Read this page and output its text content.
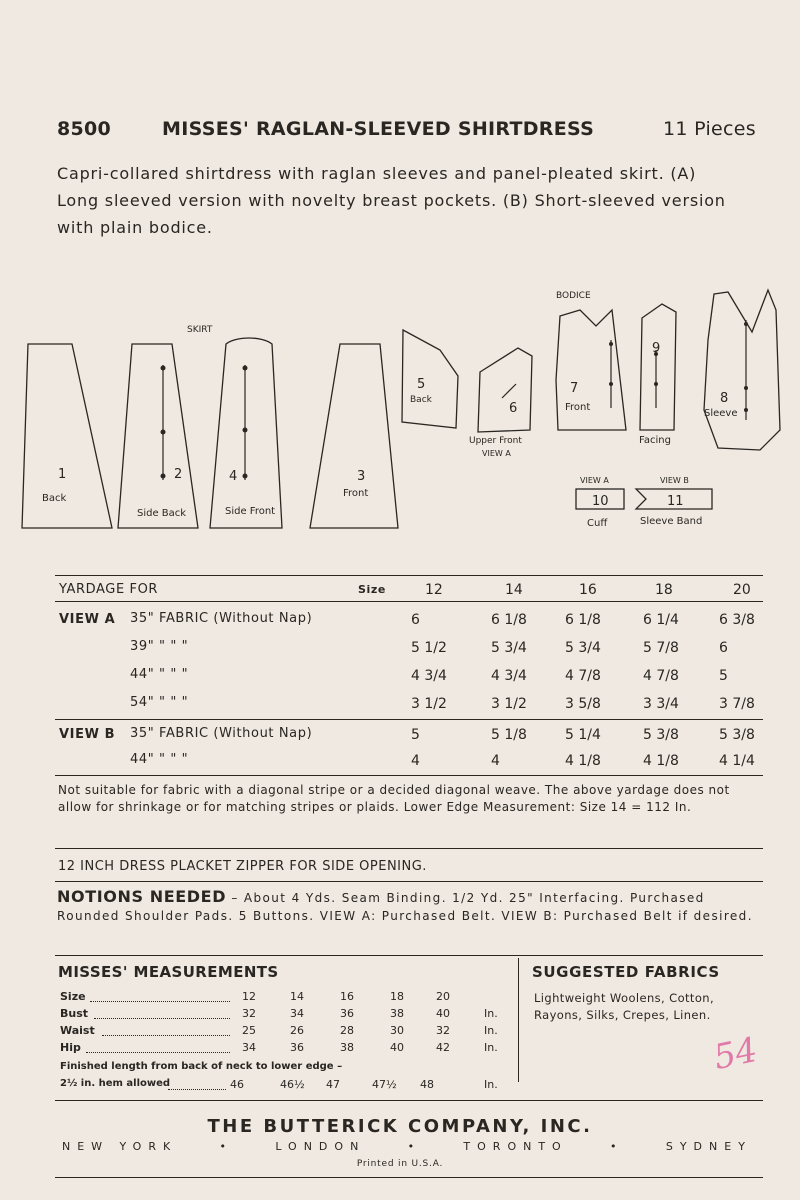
8500	MISSES' RAGLAN-SLEEVED SHIRTDRESS	11 Pieces
Capri-collared shirtdress with raglan sleeves and panel-pleated skirt. (A)
Long sleeved version with novelty breast pockets. (B) Short-sleeved version
with plain bodice.
SKIRT
BODICE
1
Back
2
Side Back
4
Side Front
3
Front
5
Back
6
Upper Front
VIEW A
7
Front
9
Facing
8
Sleeve
VIEW A
10
Cuff
VIEW B
11
Sleeve Band
YARDAGE FOR	Size	12	14	16	18	20
VIEW A 35" FABRIC (Without Nap)	6	6 1/8	6 1/8	6 1/4	6 3/8
39" " " "	5 1/2	5 3/4	5 3/4	5 7/8	6
44" " " "	4 3/4	4 3/4	4 7/8	4 7/8	5
54" " " "	3 1/2	3 1/2	3 5/8	3 3/4	3 7/8
VIEW B 35" FABRIC (Without Nap)	5	5 1/8	5 1/4	5 3/8	5 3/8
44" " " "	4	4	4 1/8	4 1/8	4 1/4
Not suitable for fabric with a diagonal stripe or a decided diagonal weave. The above yardage does not allow for shrinkage or for matching stripes or plaids. Lower Edge Measurement: Size 14 = 112 In.
12 INCH DRESS PLACKET ZIPPER FOR SIDE OPENING.
NOTIONS NEEDED – About 4 Yds. Seam Binding. 1/2 Yd. 25" Interfacing. Purchased Rounded Shoulder Pads. 5 Buttons. VIEW A: Purchased Belt. VIEW B: Purchased Belt if desired.
MISSES' MEASUREMENTS
Size	12	14	16	18	20
Bust	32	34	36	38	40	In.
Waist	25	26	28	30	32	In.
Hip	34	36	38	40	42	In.
Finished length from back of neck to lower edge –
2½ in. hem allowed	46	46½ 47	47½ 48	In.
SUGGESTED FABRICS
Lightweight Woolens, Cotton,
Rayons, Silks, Crepes, Linen.
54
THE BUTTERICK COMPANY, INC.
NEW YORK	•	LONDON	•	TORONTO	•	SYDNEY
Printed in U.S.A.
